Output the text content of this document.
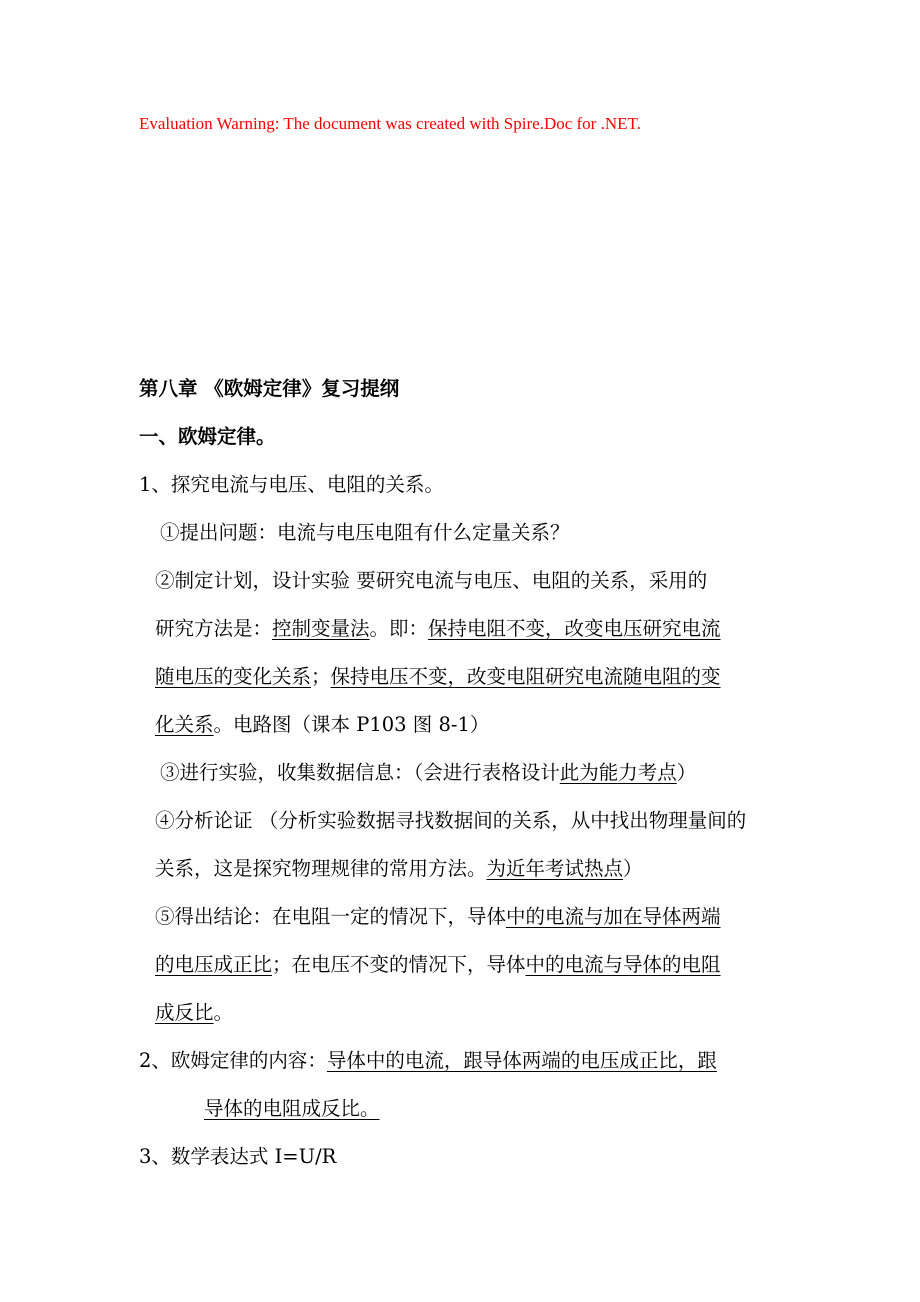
Evaluation Warning: The document was created with Spire.Doc for .NET.
第八章 《欧姆定律》复习提纲
一、欧姆定律。
1、探究电流与电压、电阻的关系。
①提出问题：电流与电压电阻有什么定量关系？
②制定计划，设计实验 要研究电流与电压、电阻的关系，采用的
研究方法是：控制变量法。即：保持电阻不变，改变电压研究电流
随电压的变化关系；保持电压不变，改变电阻研究电流随电阻的变
化关系。电路图（课本 P103 图 8-1）
③进行实验，收集数据信息：（会进行表格设计此为能力考点）
④分析论证 （分析实验数据寻找数据间的关系，从中找出物理量间的
关系，这是探究物理规律的常用方法。为近年考试热点）
⑤得出结论：在电阻一定的情况下，导体中的电流与加在导体两端
的电压成正比；在电压不变的情况下，导体中的电流与导体的电阻
成反比。
2、欧姆定律的内容：导体中的电流，跟导体两端的电压成正比，跟
导体的电阻成反比。
3、数学表达式 I=U/R
